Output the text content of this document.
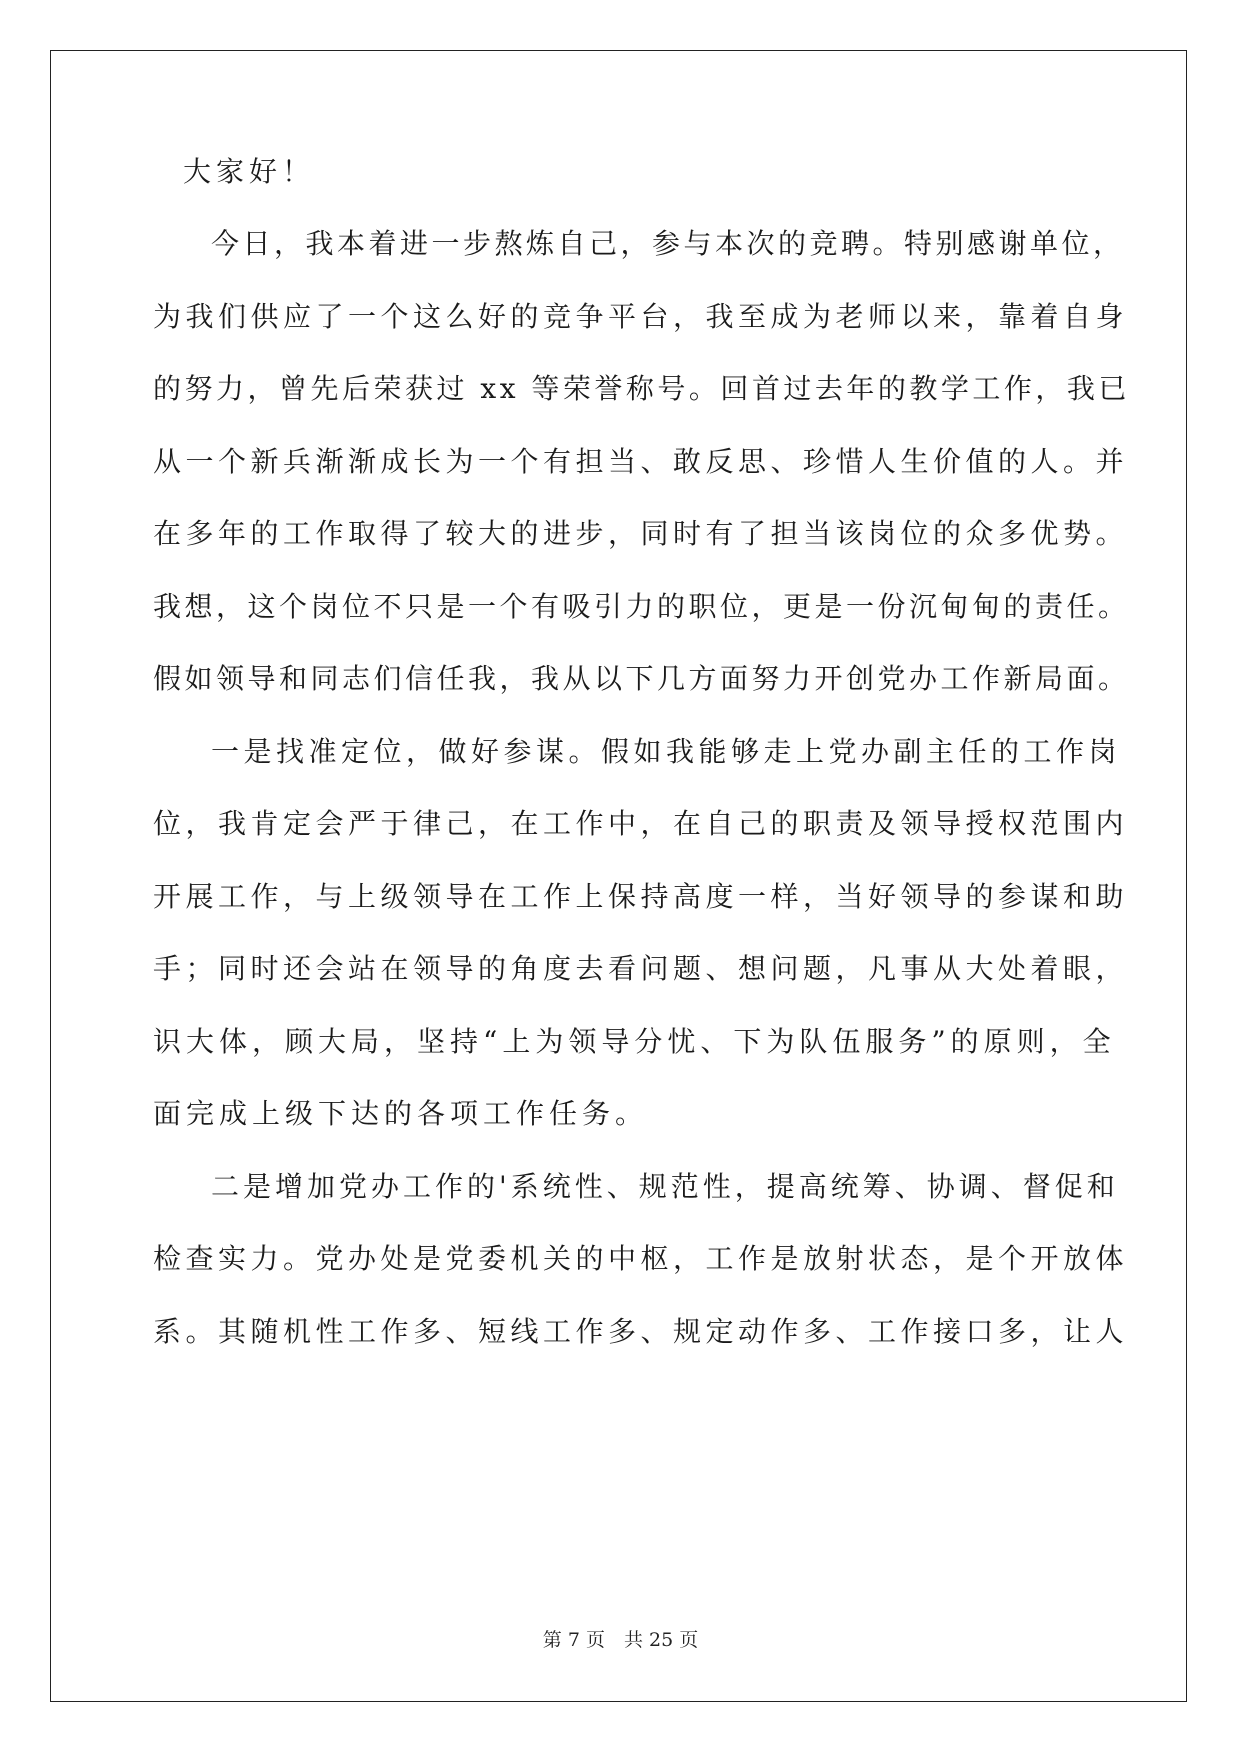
大家好！
今日，我本着进一步熬炼自己，参与本次的竞聘。特别感谢单位，
为我们供应了一个这么好的竞争平台，我至成为老师以来，靠着自身
的努力，曾先后荣获过 xx 等荣誉称号。回首过去年的教学工作，我已
从一个新兵渐渐成长为一个有担当、敢反思、珍惜人生价值的人。并
在多年的工作取得了较大的进步，同时有了担当该岗位的众多优势。
我想，这个岗位不只是一个有吸引力的职位，更是一份沉甸甸的责任。
假如领导和同志们信任我，我从以下几方面努力开创党办工作新局面。
一是找准定位，做好参谋。假如我能够走上党办副主任的工作岗
位，我肯定会严于律己，在工作中，在自己的职责及领导授权范围内
开展工作，与上级领导在工作上保持高度一样，当好领导的参谋和助
手；同时还会站在领导的角度去看问题、想问题，凡事从大处着眼，
识大体，顾大局，坚持“上为领导分忧、下为队伍服务”的原则，全
面完成上级下达的各项工作任务。
二是增加党办工作的'系统性、规范性，提高统筹、协调、督促和
检查实力。党办处是党委机关的中枢，工作是放射状态，是个开放体
系。其随机性工作多、短线工作多、规定动作多、工作接口多，让人
第 7 页　共 25 页
